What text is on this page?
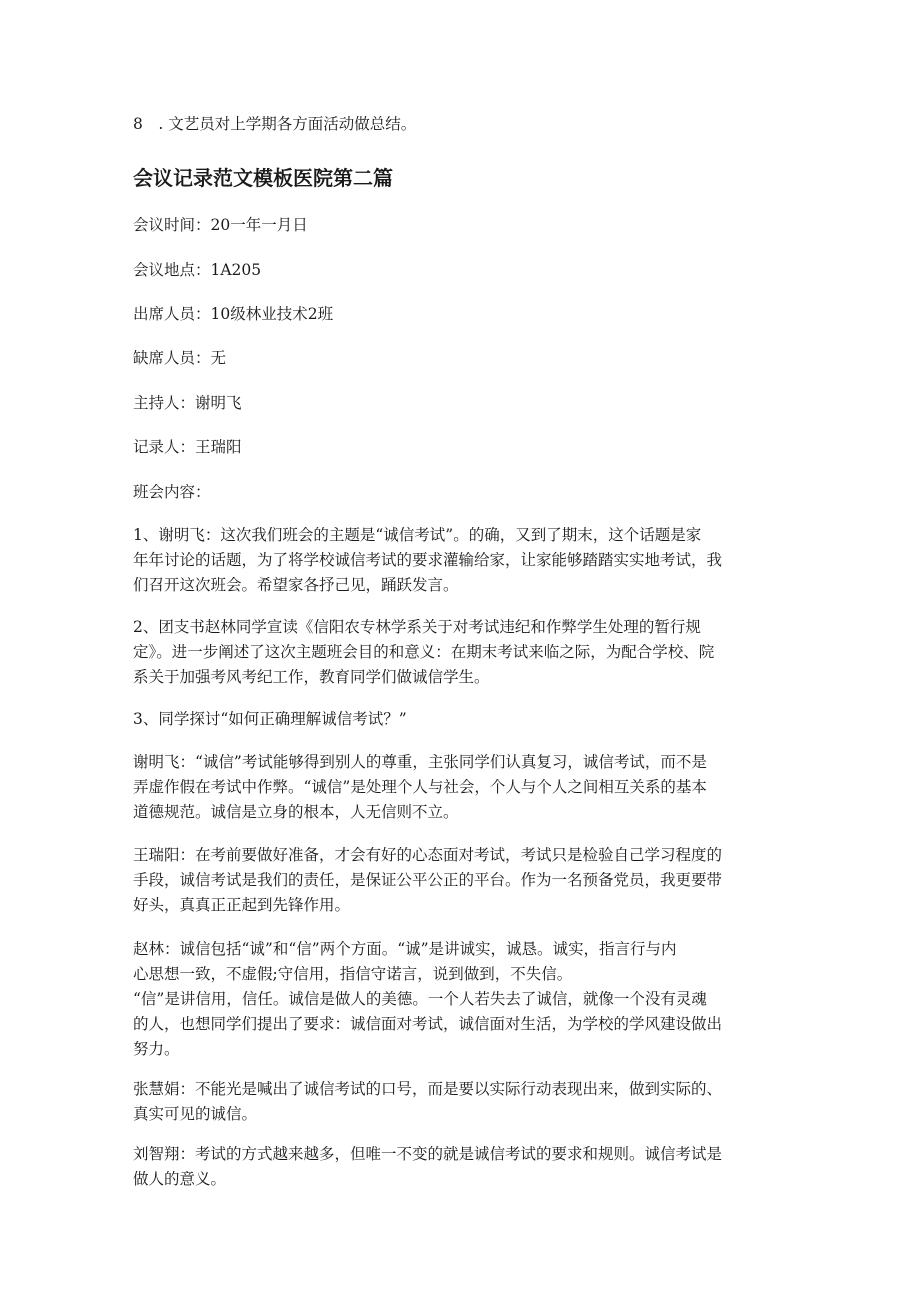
8　. 文艺员对上学期各方面活动做总结。

会议记录范文模板医院第二篇

会议时间：20一年一月日

会议地点：1A205

出席人员：10级林业技术2班

缺席人员：无

主持人：谢明飞

记录人：王瑞阳

班会内容：

1、谢明飞：这次我们班会的主题是“诚信考试”。的确，又到了期末，这个话题是家
年年讨论的话题，为了将学校诚信考试的要求灌输给家，让家能够踏踏实实地考试，我
们召开这次班会。希望家各抒己见，踊跃发言。

2、团支书赵林同学宣读《信阳农专林学系关于对考试违纪和作弊学生处理的暂行规
定》。进一步阐述了这次主题班会目的和意义：在期末考试来临之际，为配合学校、院
系关于加强考风考纪工作，教育同学们做诚信学生。

3、同学探讨“如何正确理解诚信考试？”

谢明飞：“诚信”考试能够得到别人的尊重，主张同学们认真复习，诚信考试，而不是
弄虚作假在考试中作弊。“诚信”是处理个人与社会，个人与个人之间相互关系的基本
道德规范。诚信是立身的根本，人无信则不立。

王瑞阳：在考前要做好准备，才会有好的心态面对考试，考试只是检验自己学习程度的
手段，诚信考试是我们的责任，是保证公平公正的平台。作为一名预备党员，我更要带
好头，真真正正起到先锋作用。

赵林：诚信包括“诚”和“信”两个方面。“诚”是讲诚实，诚恳。诚实，指言行与内
心思想一致，不虚假;守信用，指信守诺言，说到做到，不失信。
“信”是讲信用，信任。诚信是做人的美德。一个人若失去了诚信，就像一个没有灵魂
的人，也想同学们提出了要求：诚信面对考试，诚信面对生活，为学校的学风建设做出
努力。

张慧娟：不能光是喊出了诚信考试的口号，而是要以实际行动表现出来，做到实际的、
真实可见的诚信。

刘智翔：考试的方式越来越多，但唯一不变的就是诚信考试的要求和规则。诚信考试是
做人的意义。
